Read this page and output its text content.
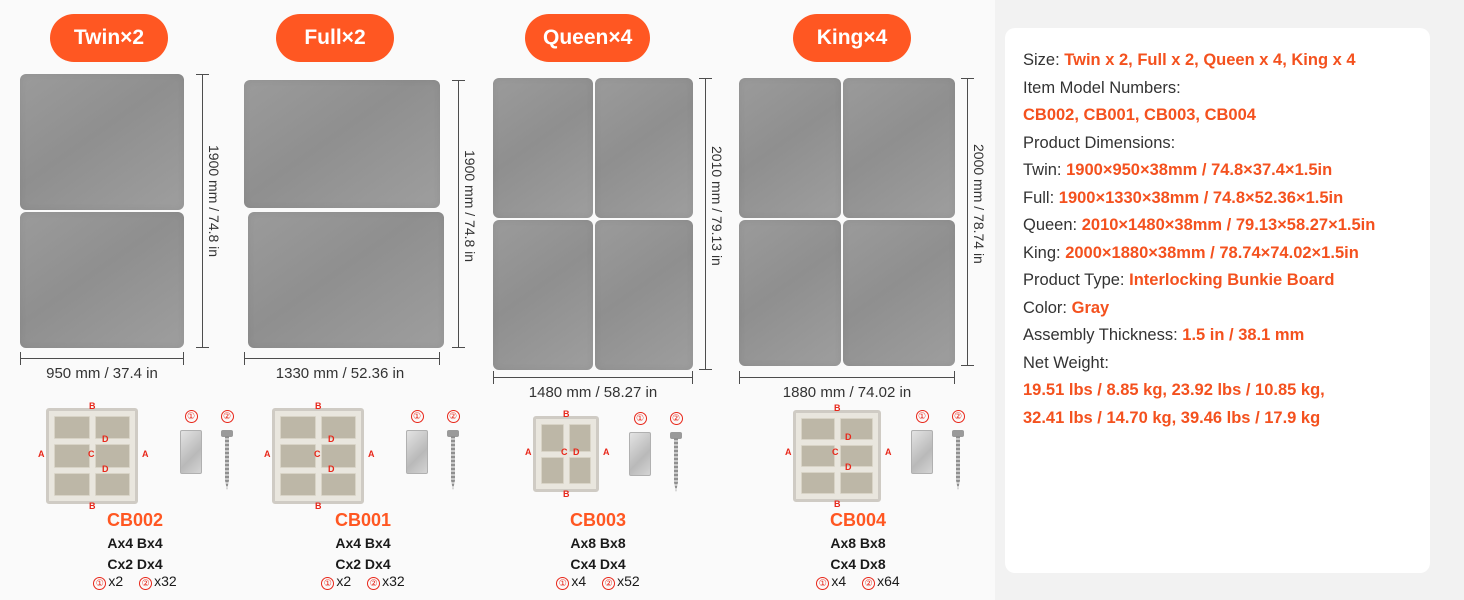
Twin×2
1900 mm / 74.8 in
950 mm / 37.4 in
B
B
A	A
C
D
D
①	②
CB002
Ax4 Bx4
Cx2 Dx4
① x2 ② x32
Full×2
1900 mm / 74.8 in
1330 mm / 52.36 in
B
B
A	A
C
D
D
①	②
CB001
Ax4 Bx4
Cx2 Dx4
① x2 ② x32
Queen×4
2010 mm / 79.13 in
1480 mm / 58.27 in
B
B
A	A
C D
①	②
CB003
Ax8 Bx8
Cx4 Dx4
① x4 ② x52
King×4
2000 mm / 78.74 in
1880 mm / 74.02 in
B
B
A	A
C
D
D
①	②
CB004
Ax8 Bx8
Cx4 Dx8
① x4 ② x64
Size: Twin x 2, Full x 2, Queen x 4, King x 4
Item Model Numbers:
CB002, CB001, CB003, CB004
Product Dimensions:
Twin: 1900×950×38mm / 74.8×37.4×1.5in
Full: 1900×1330×38mm / 74.8×52.36×1.5in
Queen: 2010×1480×38mm / 79.13×58.27×1.5in
King: 2000×1880×38mm / 78.74×74.02×1.5in
Product Type: Interlocking Bunkie Board
Color: Gray
Assembly Thickness: 1.5 in / 38.1 mm
Net Weight:
19.51 lbs / 8.85 kg, 23.92 lbs / 10.85 kg,
32.41 lbs / 14.70 kg, 39.46 lbs / 17.9 kg
